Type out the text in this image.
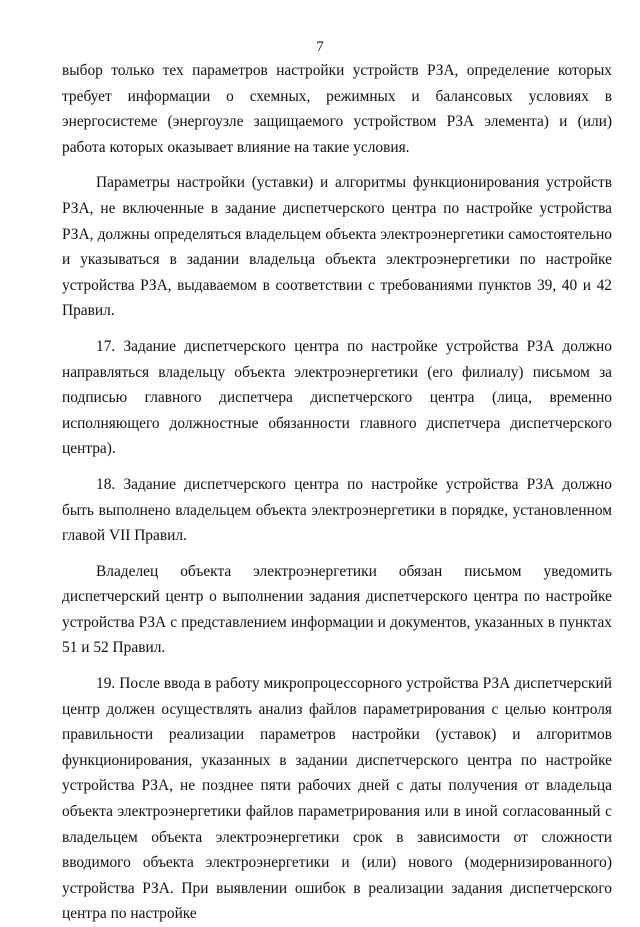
7

выбор только тех параметров настройки устройств РЗА, определение которых требует информации о схемных, режимных и балансовых условиях в энергосистеме (энергоузле защищаемого устройством РЗА элемента) и (или) работа которых оказывает влияние на такие условия.

Параметры настройки (уставки) и алгоритмы функционирования устройств РЗА, не включенные в задание диспетчерского центра по настройке устройства РЗА, должны определяться владельцем объекта электроэнергетики самостоятельно и указываться в задании владельца объекта электроэнергетики по настройке устройства РЗА, выдаваемом в соответствии с требованиями пунктов 39, 40 и 42 Правил.

17. Задание диспетчерского центра по настройке устройства РЗА должно направляться владельцу объекта электроэнергетики (его филиалу) письмом за подписью главного диспетчера диспетчерского центра (лица, временно исполняющего должностные обязанности главного диспетчера диспетчерского центра).

18. Задание диспетчерского центра по настройке устройства РЗА должно быть выполнено владельцем объекта электроэнергетики в порядке, установленном главой VII Правил.

Владелец объекта электроэнергетики обязан письмом уведомить диспетчерский центр о выполнении задания диспетчерского центра по настройке устройства РЗА с представлением информации и документов, указанных в пунктах 51 и 52 Правил.

19. После ввода в работу микропроцессорного устройства РЗА диспетчерский центр должен осуществлять анализ файлов параметрирования с целью контроля правильности реализации параметров настройки (уставок) и алгоритмов функционирования, указанных в задании диспетчерского центра по настройке устройства РЗА, не позднее пяти рабочих дней с даты получения от владельца объекта электроэнергетики файлов параметрирования или в иной согласованный с владельцем объекта электроэнергетики срок в зависимости от сложности вводимого объекта электроэнергетики и (или) нового (модернизированного) устройства РЗА. При выявлении ошибок в реализации задания диспетчерского центра по настройке
